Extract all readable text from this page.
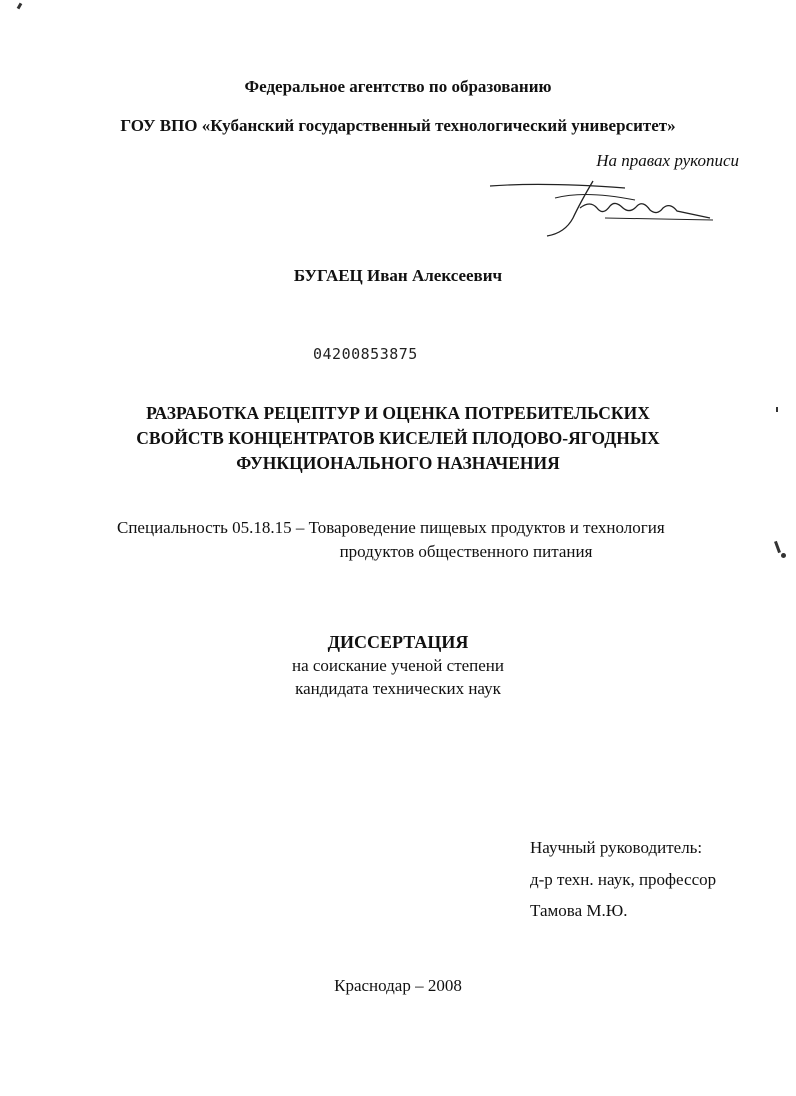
Федеральное агентство по образованию
ГОУ ВПО «Кубанский государственный технологический университет»
На правах рукописи
БУГАЕЦ Иван Алексеевич
04200853875
РАЗРАБОТКА РЕЦЕПТУР И ОЦЕНКА ПОТРЕБИТЕЛЬСКИХ
СВОЙСТВ КОНЦЕНТРАТОВ КИСЕЛЕЙ ПЛОДОВО-ЯГОДНЫХ
ФУНКЦИОНАЛЬНОГО НАЗНАЧЕНИЯ
Специальность 05.18.15 – Товароведение пищевых продуктов и технология
продуктов общественного питания
ДИССЕРТАЦИЯ
на соискание ученой степени
кандидата технических наук
Научный руководитель:
д-р техн. наук, профессор
Тамова М.Ю.
Краснодар – 2008
